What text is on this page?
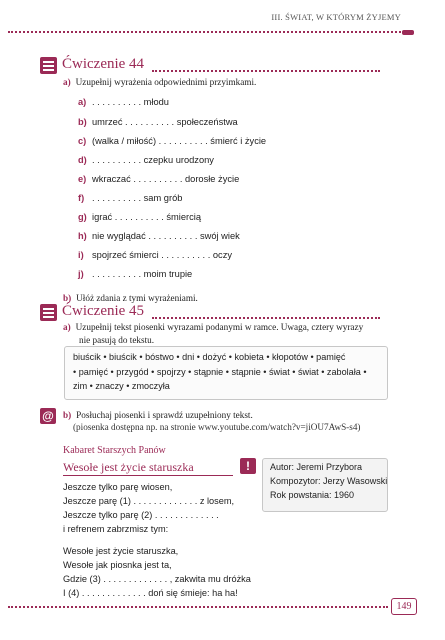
III. ŚWIAT, W KTÓRYM ŻYJEMY
Ćwiczenie 44
a) Uzupełnij wyrażenia odpowiednimi przyimkami.
a) . . . . . . . . . . młodu
b) umrzeć . . . . . . . . . . społeczeństwa
c) (walka / miłość) . . . . . . . . . . śmierć i życie
d) . . . . . . . . . . czepku urodzony
e) wkraczać . . . . . . . . . . dorosłe życie
f) . . . . . . . . . . sam grób
g) igrać . . . . . . . . . . śmiercią
h) nie wyglądać . . . . . . . . . . swój wiek
i) spojrzeć śmierci . . . . . . . . . . oczy
j) . . . . . . . . . . moim trupie
b) Ułóż zdania z tymi wyrażeniami.
Ćwiczenie 45
a) Uzupełnij tekst piosenki wyrazami podanymi w ramce. Uwaga, cztery wyrazy
nie pasują do tekstu.
biuścik • biuścik • bóstwo • dni • dożyć • kobieta • kłopotów • pamięć
• pamięć • przygód • spojrzy • stąpnie • stąpnie • świat • świat • zabolała •
zim • znaczy • zmoczyła
@ b) Posłuchaj piosenki i sprawdź uzupełniony tekst.
(piosenka dostępna np. na stronie www.youtube.com/watch?v=jiOU7AwS-s4)
Kabaret Starszych Panów
Wesołe jest życie staruszka
Jeszcze tylko parę wiosen,
Jeszcze parę (1) . . . . . . . . . . . . . z losem,
Jeszcze tylko parę (2) . . . . . . . . . . . . .
i refrenem zabrzmisz tym:
Wesołe jest życie staruszka,
Wesołe jak piosnka jest ta,
Gdzie (3) . . . . . . . . . . . . . , zakwita mu dróżka
I (4) . . . . . . . . . . . . . doń się śmieje: ha ha!
!	Autor: Jeremi Przybora
Kompozytor: Jerzy Wasowski
Rok powstania: 1960
149
